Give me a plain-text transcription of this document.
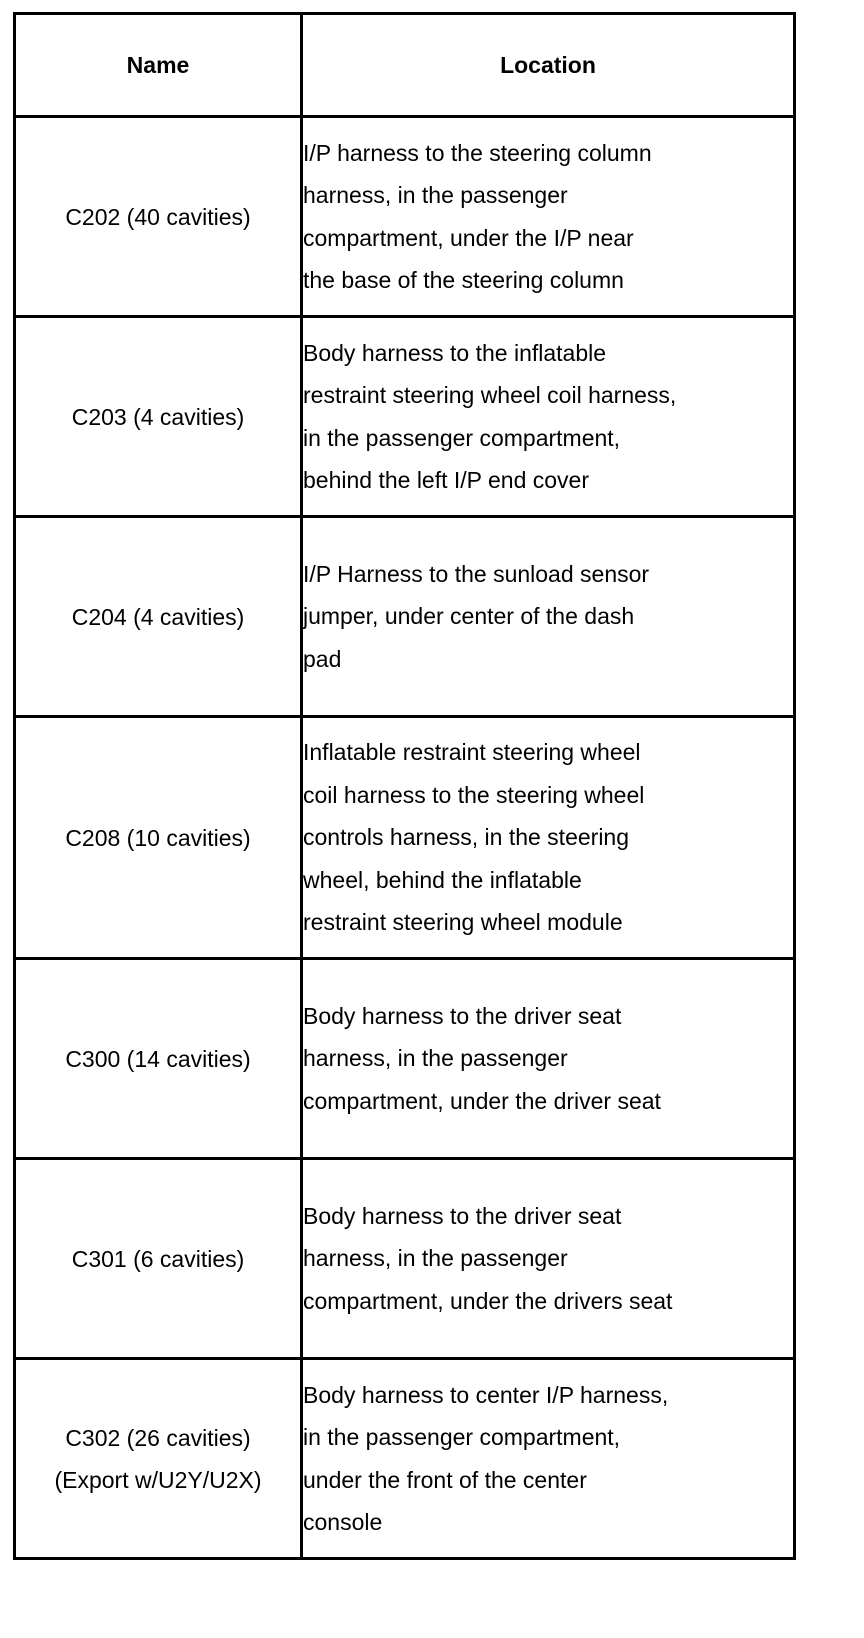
Name	Location

C202 (40 cavities)	I/P harness to the steering column
harness, in the passenger
compartment, under the I/P near
the base of the steering column

C203 (4 cavities)	Body harness to the inflatable
restraint steering wheel coil harness,
in the passenger compartment,
behind the left I/P end cover

C204 (4 cavities)	I/P Harness to the sunload sensor
jumper, under center of the dash
pad

C208 (10 cavities)	Inflatable restraint steering wheel
coil harness to the steering wheel
controls harness, in the steering
wheel, behind the inflatable
restraint steering wheel module

C300 (14 cavities)	Body harness to the driver seat
harness, in the passenger
compartment, under the driver seat

C301 (6 cavities)	Body harness to the driver seat
harness, in the passenger
compartment, under the drivers seat

C302 (26 cavities)
(Export w/U2Y/U2X)	Body harness to center I/P harness,
in the passenger compartment,
under the front of the center
console
